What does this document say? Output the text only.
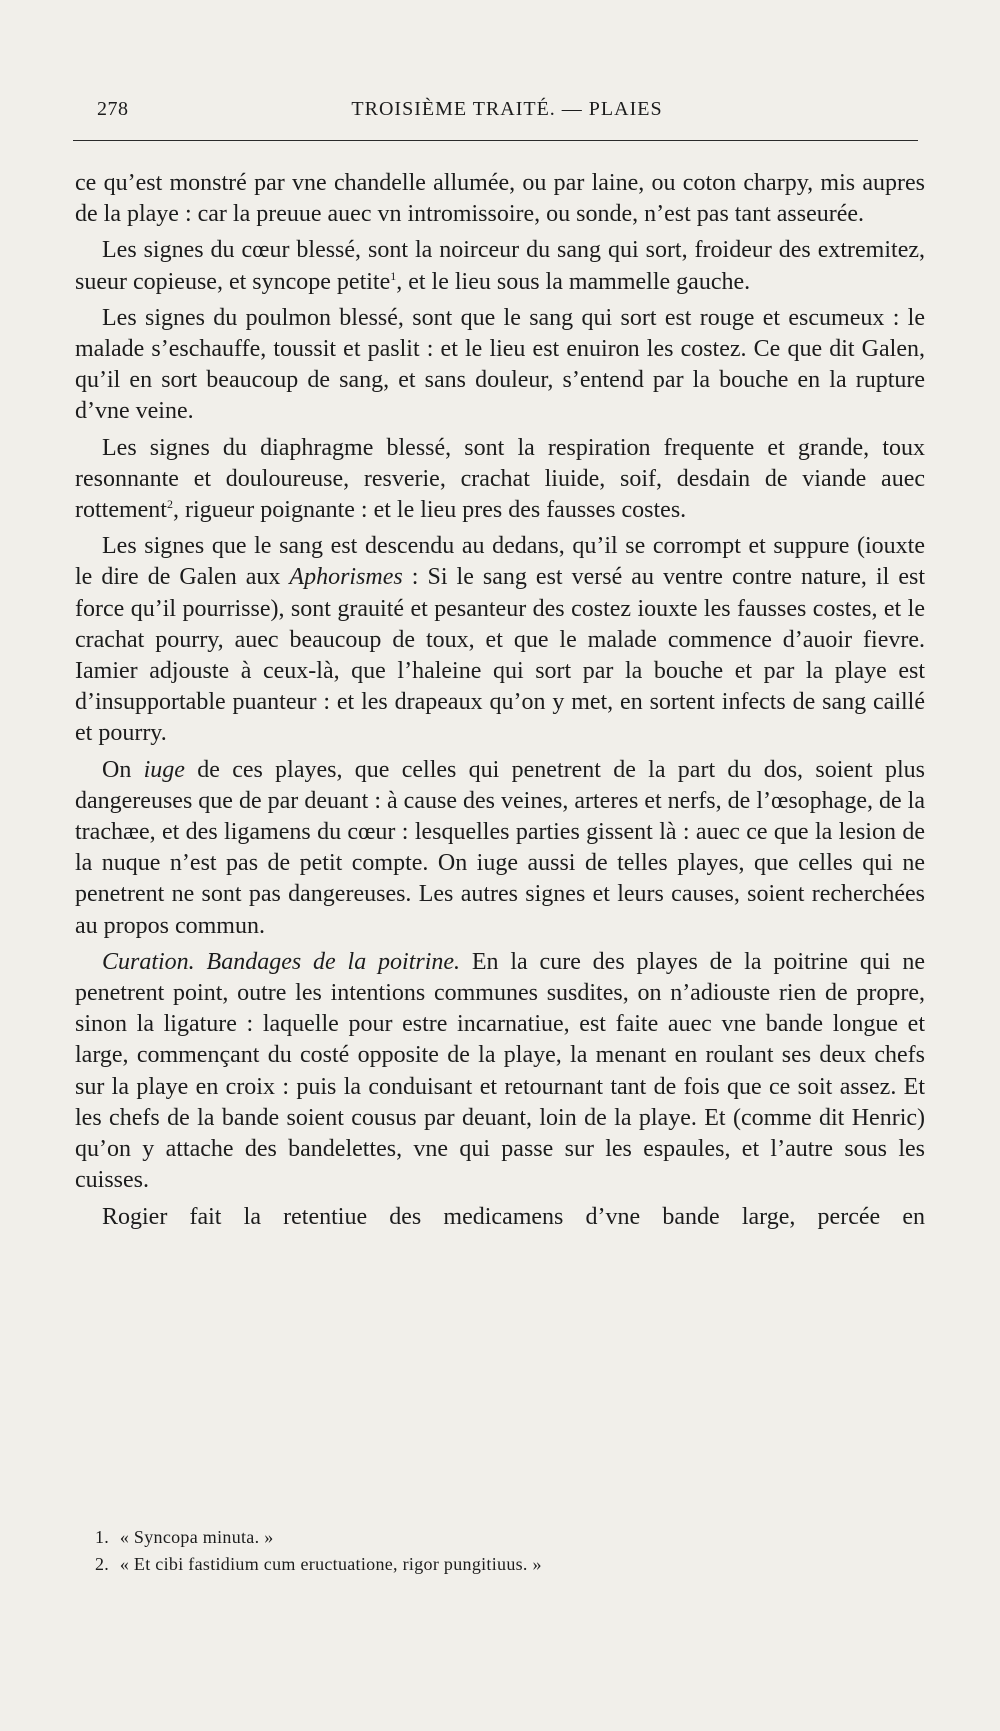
278	TROISIÈME TRAITÉ. — PLAIES

ce qu’est monstré par vne chandelle allumée, ou par laine, ou coton charpy, mis aupres de la playe : car la preuue auec vn intromissoire, ou sonde, n’est pas tant asseurée.

Les signes du cœur blessé, sont la noirceur du sang qui sort, froideur des extremitez, sueur copieuse, et syncope petite$^1$, et le lieu sous la mammelle gauche.

Les signes du poulmon blessé, sont que le sang qui sort est rouge et escumeux : le malade s’eschauffe, toussit et paslit : et le lieu est enuiron les costez. Ce que dit Galen, qu’il en sort beaucoup de sang, et sans douleur, s’entend par la bouche en la rupture d’vne veine.

Les signes du diaphragme blessé, sont la respiration frequente et grande, toux resonnante et douloureuse, resverie, crachat liuide, soif, desdain de viande auec rottement$^2$, rigueur poignante : et le lieu pres des fausses costes.

Les signes que le sang est descendu au dedans, qu’il se corrompt et suppure (iouxte le dire de Galen aux Aphorismes : Si le sang est versé au ventre contre nature, il est force qu’il pourrisse), sont grauité et pesanteur des costez iouxte les fausses costes, et le crachat pourry, auec beaucoup de toux, et que le malade commence d’auoir fievre. Iamier adjouste à ceux-là, que l’haleine qui sort par la bouche et par la playe est d’insupportable puanteur : et les drapeaux qu’on y met, en sortent infects de sang caillé et pourry.

On iuge de ces playes, que celles qui penetrent de la part du dos, soient plus dangereuses que de par deuant : à cause des veines, arteres et nerfs, de l’œsophage, de la trachæe, et des ligamens du cœur : lesquelles parties gissent là : auec ce que la lesion de la nuque n’est pas de petit compte. On iuge aussi de telles playes, que celles qui ne penetrent ne sont pas dangereuses. Les autres signes et leurs causes, soient recherchées au propos commun.

Curation. Bandages de la poitrine. En la cure des playes de la poitrine qui ne penetrent point, outre les intentions communes susdites, on n’adiouste rien de propre, sinon la ligature : laquelle pour estre incarnatiue, est faite auec vne bande longue et large, commençant du costé opposite de la playe, la menant en roulant ses deux chefs sur la playe en croix : puis la conduisant et retournant tant de fois que ce soit assez. Et les chefs de la bande soient cousus par deuant, loin de la playe. Et (comme dit Henric) qu’on y attache des bandelettes, vne qui passe sur les espaules, et l’autre sous les cuisses.

Rogier fait la retentiue des medicamens d’vne bande large, percée en

1. « Syncopa minuta. »
2. « Et cibi fastidium cum eructuatione, rigor pungitiuus. »
